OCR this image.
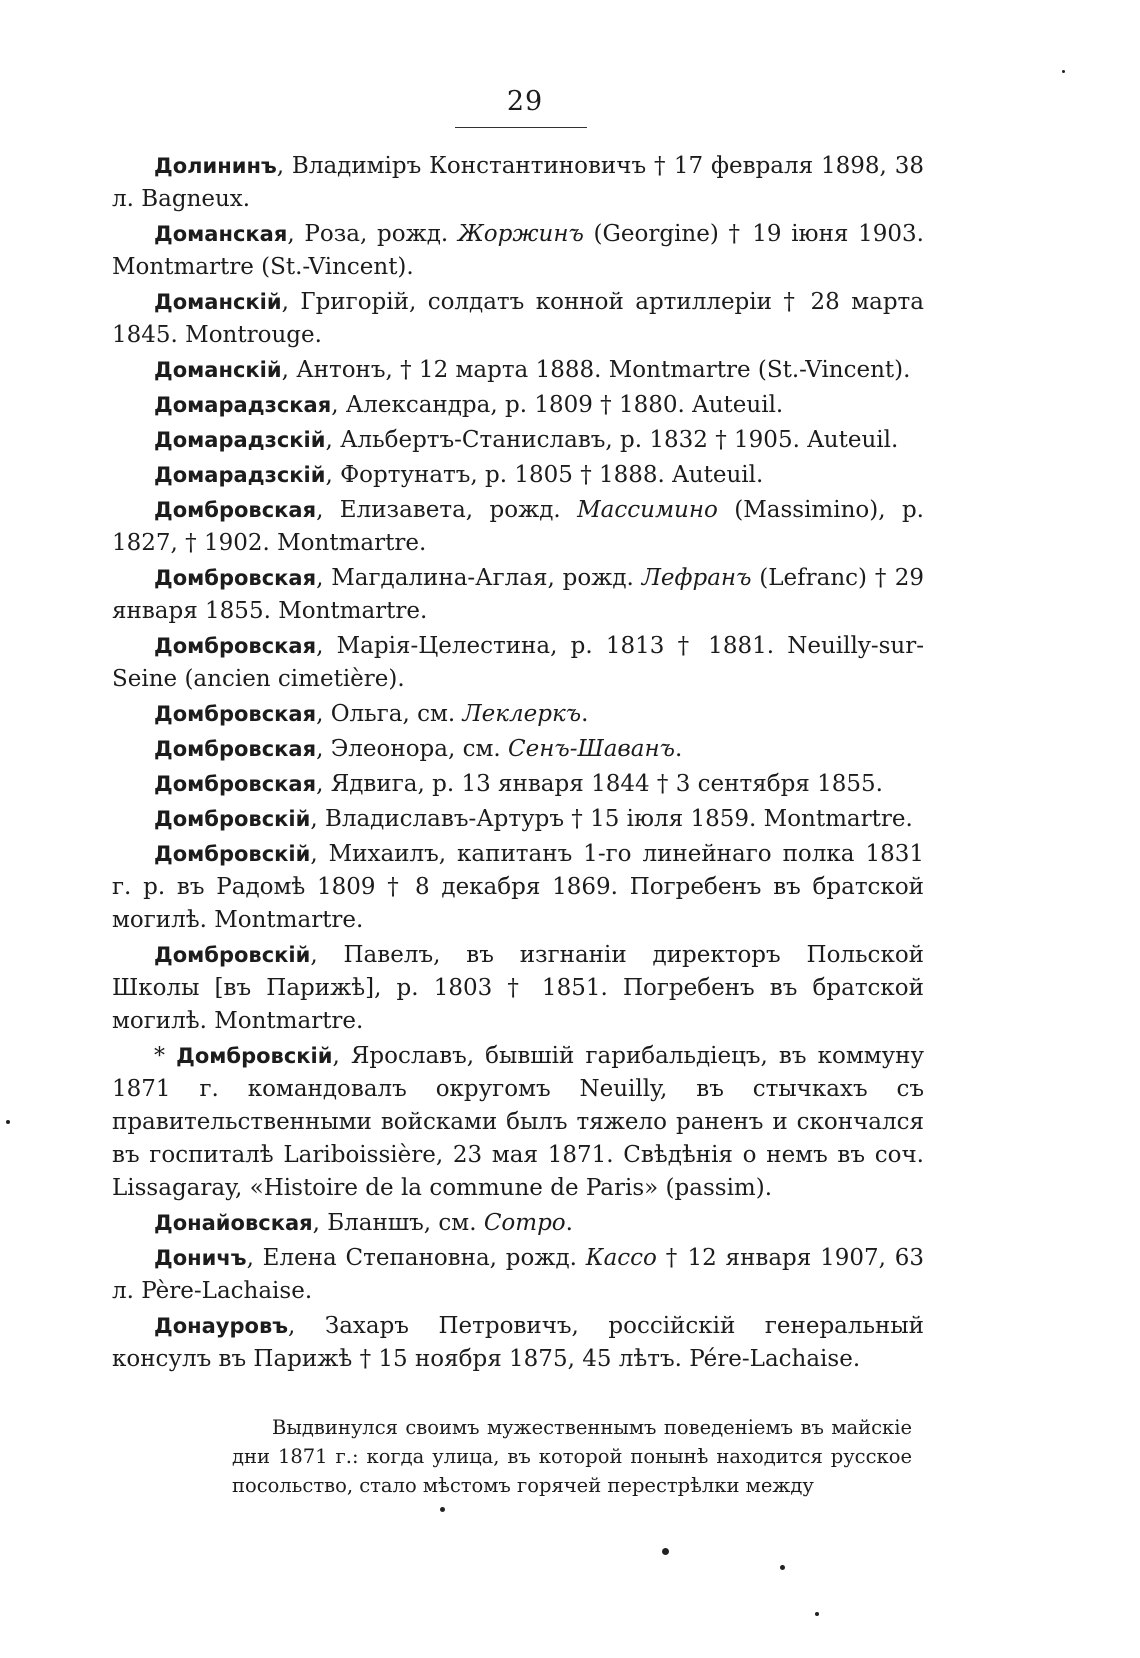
29

Долининъ, Владиміръ Константиновичъ † 17 февраля 1898, 38 л. Bagneux.

Доманская, Роза, рожд. Жоржинъ (Georgine) † 19 іюня 1903. Montmartre (St.-Vincent).

Доманскій, Григорій, солдатъ конной артиллеріи † 28 марта 1845. Montrouge.

Доманскій, Антонъ, † 12 марта 1888. Montmartre (St.-Vincent).

Домарадзская, Александра, р. 1809 † 1880. Auteuil.

Домарадзскій, Альбертъ-Станиславъ, р. 1832 † 1905. Auteuil.

Домарадзскій, Фортунатъ, р. 1805 † 1888. Auteuil.

Домбровская, Елизавета, рожд. Массимино (Massimino), р. 1827, † 1902. Montmartre.

Домбровская, Магдалина-Аглая, рожд. Лефранъ (Lefranc) † 29 января 1855. Montmartre.

Домбровская, Марія-Целестина, р. 1813 † 1881. Neuilly-sur-Seine (ancien cimetière).

Домбровская, Ольга, см. Леклеркъ.

Домбровская, Элеонора, см. Сенъ-Шаванъ.

Домбровская, Ядвига, р. 13 января 1844 † 3 сентября 1855.

Домбровскій, Владиславъ-Артуръ † 15 іюля 1859. Montmartre.

Домбровскій, Михаилъ, капитанъ 1-го линейнаго полка 1831 г. р. въ Радомѣ 1809 † 8 декабря 1869. Погребенъ въ братской могилѣ. Montmartre.

Домбровскій, Павелъ, въ изгнаніи директоръ Польской Школы [въ Парижѣ], р. 1803 † 1851. Погребенъ въ братской могилѣ. Montmartre.

* Домбровскій, Ярославъ, бывшій гарибальдіецъ, въ коммуну 1871 г. командовалъ округомъ Neuilly, въ стычкахъ съ правительственными войсками былъ тяжело раненъ и скончался въ госпиталѣ Lariboissière, 23 мая 1871. Свѣдѣнія о немъ въ соч. Lissagaray, «Histoire de la commune de Paris» (passim).

Донайовская, Бланшъ, см. Сотро.

Доничъ, Елена Степановна, рожд. Кассо † 12 января 1907, 63 л. Père-Lachaise.

Донауровъ, Захаръ Петровичъ, россійскій генеральный консулъ въ Парижѣ † 15 ноября 1875, 45 лѣтъ. Pére-Lachaise.

Выдвинулся своимъ мужественнымъ поведеніемъ въ майскіе дни 1871 г.: когда улица, въ которой понынѣ находится русское посольство, стало мѣстомъ горячей перестрѣлки между
